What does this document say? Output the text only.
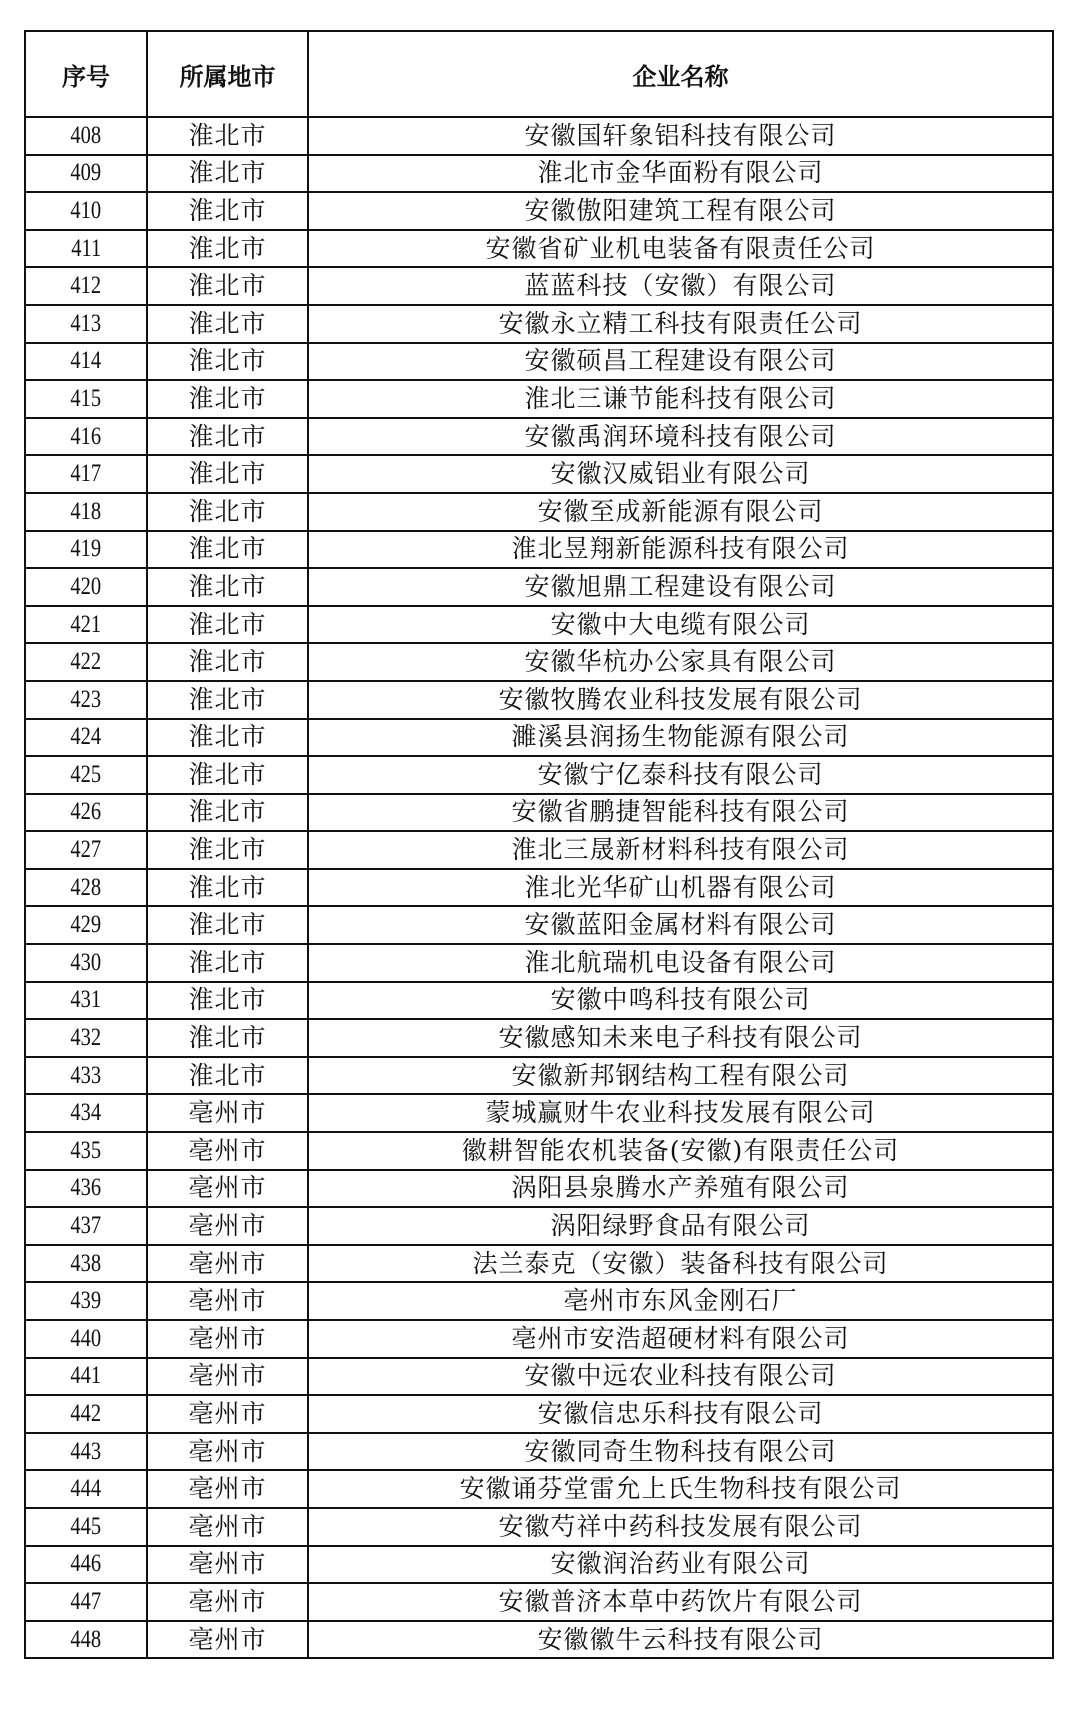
序号	所属地市	企业名称
408	淮北市	安徽国轩象铝科技有限公司
409	淮北市	淮北市金华面粉有限公司
410	淮北市	安徽傲阳建筑工程有限公司
411	淮北市	安徽省矿业机电装备有限责任公司
412	淮北市	蓝蓝科技（安徽）有限公司
413	淮北市	安徽永立精工科技有限责任公司
414	淮北市	安徽硕昌工程建设有限公司
415	淮北市	淮北三谦节能科技有限公司
416	淮北市	安徽禹润环境科技有限公司
417	淮北市	安徽汉威铝业有限公司
418	淮北市	安徽至成新能源有限公司
419	淮北市	淮北昱翔新能源科技有限公司
420	淮北市	安徽旭鼎工程建设有限公司
421	淮北市	安徽中大电缆有限公司
422	淮北市	安徽华杭办公家具有限公司
423	淮北市	安徽牧腾农业科技发展有限公司
424	淮北市	濉溪县润扬生物能源有限公司
425	淮北市	安徽宁亿泰科技有限公司
426	淮北市	安徽省鹏捷智能科技有限公司
427	淮北市	淮北三晟新材料科技有限公司
428	淮北市	淮北光华矿山机器有限公司
429	淮北市	安徽蓝阳金属材料有限公司
430	淮北市	淮北航瑞机电设备有限公司
431	淮北市	安徽中鸣科技有限公司
432	淮北市	安徽感知未来电子科技有限公司
433	淮北市	安徽新邦钢结构工程有限公司
434	亳州市	蒙城赢财牛农业科技发展有限公司
435	亳州市	徽耕智能农机装备(安徽)有限责任公司
436	亳州市	涡阳县泉腾水产养殖有限公司
437	亳州市	涡阳绿野食品有限公司
438	亳州市	法兰泰克（安徽）装备科技有限公司
439	亳州市	亳州市东风金刚石厂
440	亳州市	亳州市安浩超硬材料有限公司
441	亳州市	安徽中远农业科技有限公司
442	亳州市	安徽信忠乐科技有限公司
443	亳州市	安徽同奇生物科技有限公司
444	亳州市	安徽诵芬堂雷允上氏生物科技有限公司
445	亳州市	安徽芍祥中药科技发展有限公司
446	亳州市	安徽润治药业有限公司
447	亳州市	安徽普济本草中药饮片有限公司
448	亳州市	安徽徽牛云科技有限公司
